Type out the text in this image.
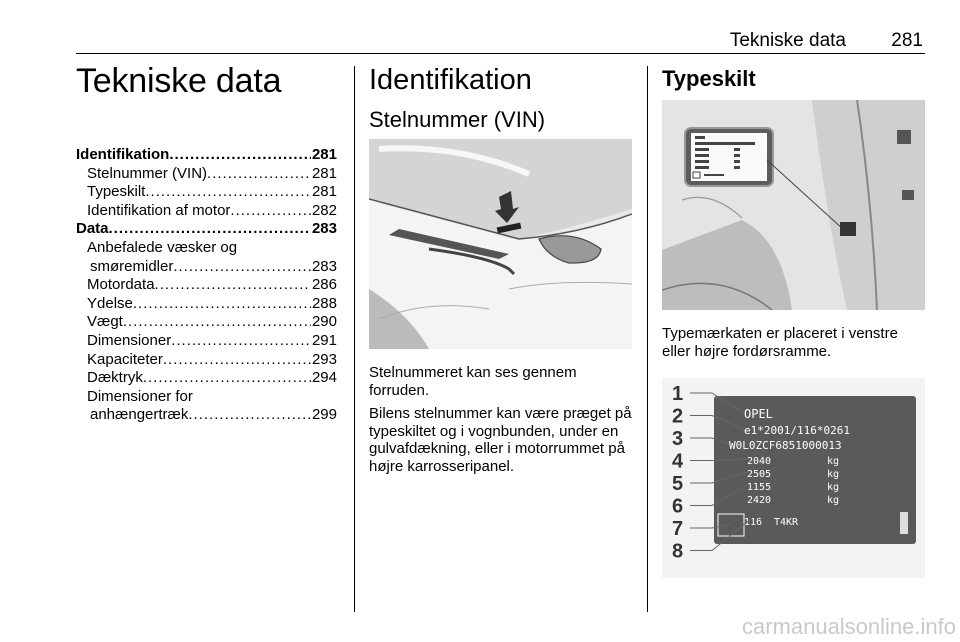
Tekniske data 281
Tekniske data
Identifikation .....	281
Stelnummer (VIN) .....	281
Typeskilt .....	281
Identifikation af motor .....	282
Data .....	283
Anbefalede væsker og
smøremidler .....	283
Motordata .....	286
Ydelse .....	288
Vægt .....	290
Dimensioner .....	291
Kapaciteter .....	293
Dæktryk .....	294
Dimensioner for
anhængertræk .....	299
Identifikation
Stelnummer (VIN)

Stelnummeret kan ses gennem forruden.

Bilens stelnummer kan være præget på typeskiltet og i vognbunden, under en gulvafdækning, eller i motorrummet på højre karrosseripanel.

Typeskilt

Typemærkaten er placeret i venstre eller højre fordørsramme.

OPEL
e1*2001/116*0261
W0L0ZCF6851000013
2040
2505
1155
2420
kg
kg
kg
kg
116 T4KR
1
2
3
4
5
6
7
8
carmanualsonline.info
